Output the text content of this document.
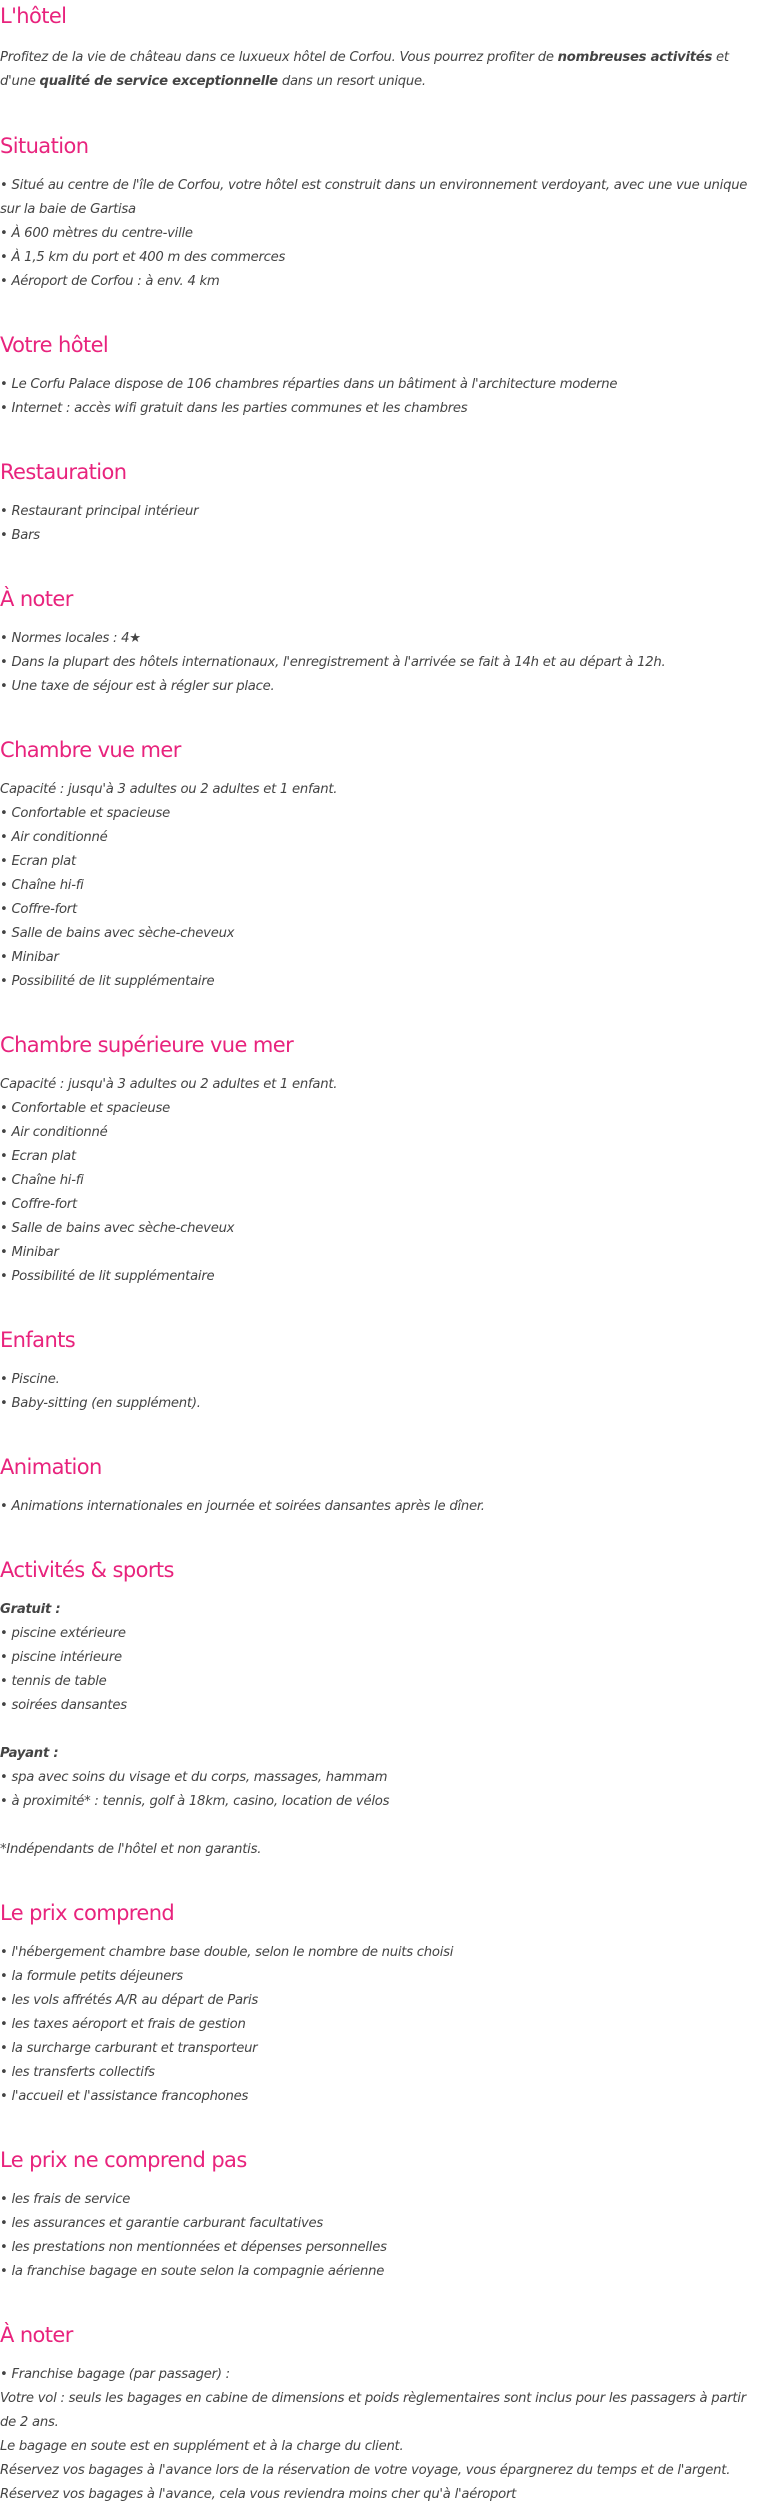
L'hôtel

Profitez de la vie de château dans ce luxueux hôtel de Corfou. Vous pourrez profiter de nombreuses activités et d'une qualité de service exceptionnelle dans un resort unique.

Situation

• Situé au centre de l'île de Corfou, votre hôtel est construit dans un environnement verdoyant, avec une vue unique sur la baie de Gartisa

• À 600 mètres du centre-ville

• À 1,5 km du port et 400 m des commerces

• Aéroport de Corfou : à env. 4 km

Votre hôtel

• Le Corfu Palace dispose de 106 chambres réparties dans un bâtiment à l'architecture moderne

• Internet : accès wifi gratuit dans les parties communes et les chambres

Restauration

• Restaurant principal intérieur

• Bars

À noter

• Normes locales : 4★

• Dans la plupart des hôtels internationaux, l'enregistrement à l'arrivée se fait à 14h et au départ à 12h.

• Une taxe de séjour est à régler sur place.

Chambre vue mer

Capacité : jusqu'à 3 adultes ou 2 adultes et 1 enfant.

• Confortable et spacieuse

• Air conditionné

• Ecran plat

• Chaîne hi-fi

• Coffre-fort

• Salle de bains avec sèche-cheveux

• Minibar

• Possibilité de lit supplémentaire

Chambre supérieure vue mer

Capacité : jusqu'à 3 adultes ou 2 adultes et 1 enfant.

• Confortable et spacieuse

• Air conditionné

• Ecran plat

• Chaîne hi-fi

• Coffre-fort

• Salle de bains avec sèche-cheveux

• Minibar

• Possibilité de lit supplémentaire

Enfants

• Piscine.

• Baby-sitting (en supplément).

Animation

• Animations internationales en journée et soirées dansantes après le dîner.

Activités & sports

Gratuit :

• piscine extérieure

• piscine intérieure

• tennis de table

• soirées dansantes

Payant :

• spa avec soins du visage et du corps, massages, hammam

• à proximité* : tennis, golf à 18km, casino, location de vélos

*Indépendants de l'hôtel et non garantis.

Le prix comprend

• l'hébergement chambre base double, selon le nombre de nuits choisi

• la formule petits déjeuners

• les vols affrétés A/R au départ de Paris

• les taxes aéroport et frais de gestion

• la surcharge carburant et transporteur

• les transferts collectifs

• l'accueil et l'assistance francophones

Le prix ne comprend pas

• les frais de service

• les assurances et garantie carburant facultatives

• les prestations non mentionnées et dépenses personnelles

• la franchise bagage en soute selon la compagnie aérienne

À noter

• Franchise bagage (par passager) :

Votre vol : seuls les bagages en cabine de dimensions et poids règlementaires sont inclus pour les passagers à partir de 2 ans.

Le bagage en soute est en supplément et à la charge du client.

Réservez vos bagages à l'avance lors de la réservation de votre voyage, vous épargnerez du temps et de l'argent.

Réservez vos bagages à l'avance, cela vous reviendra moins cher qu'à l'aéroport
